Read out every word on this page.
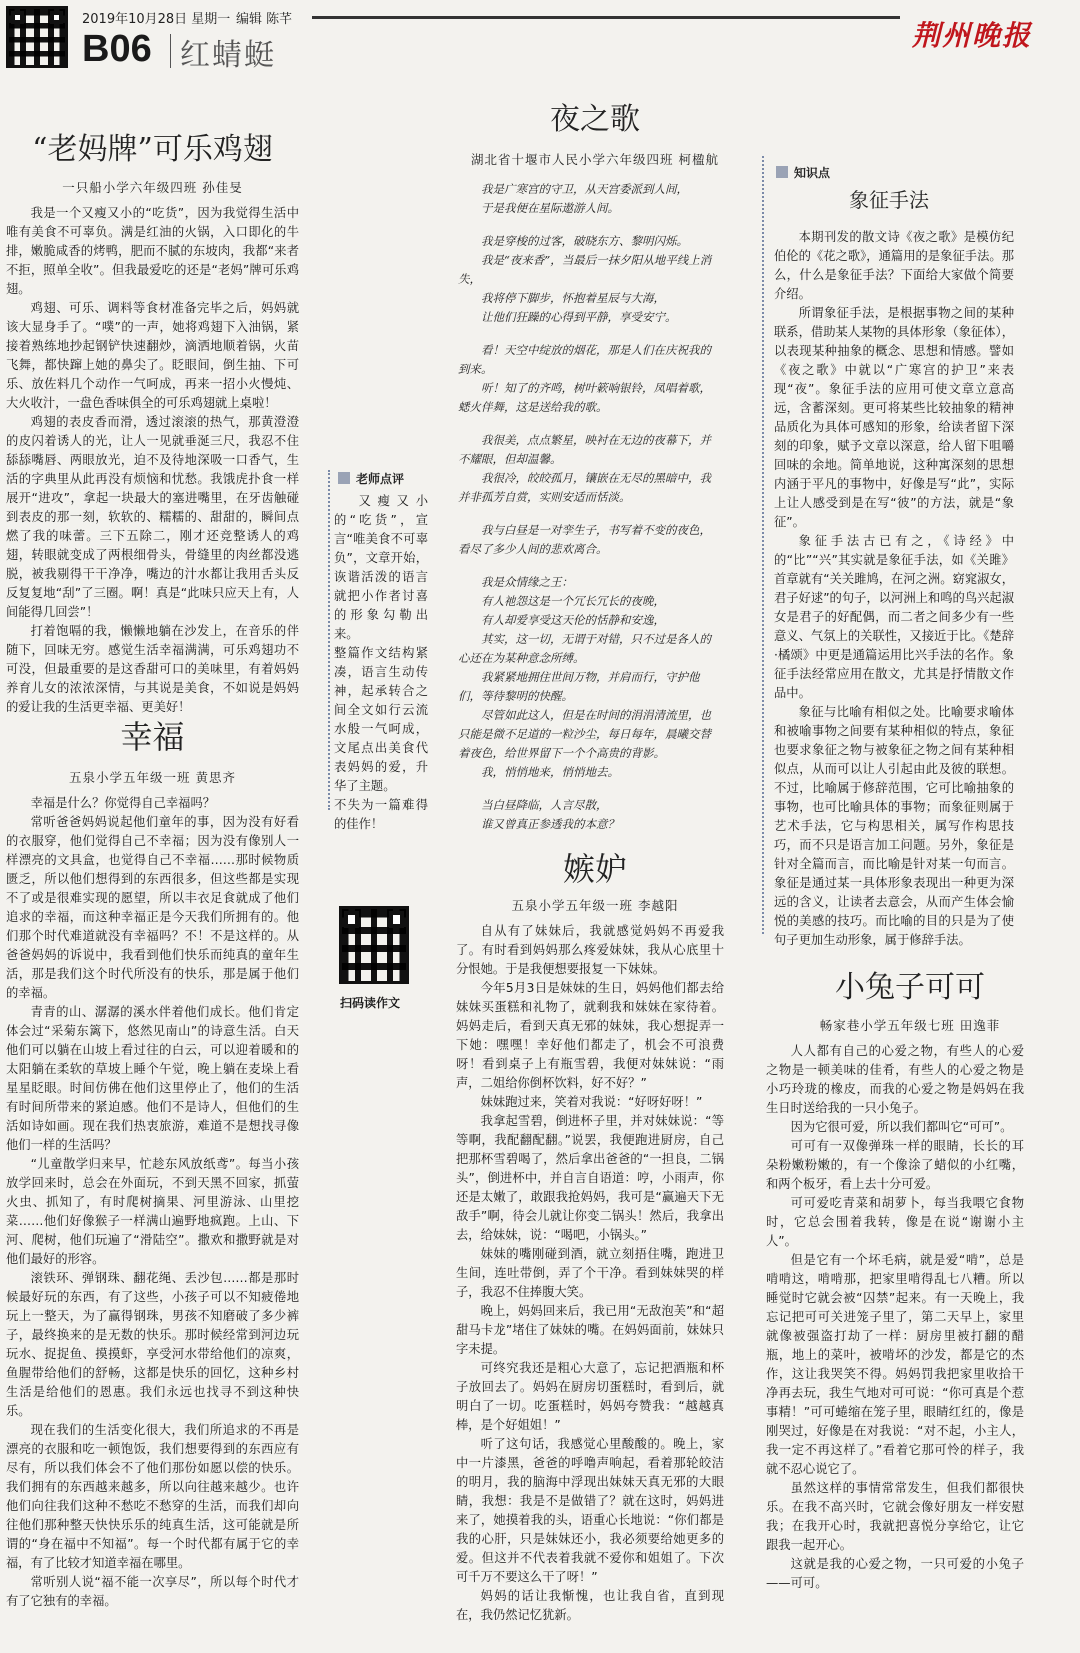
2019年10月28日 星期一 编辑 陈芊
B06 红蜻蜓
荆州晚报
“老妈牌”可乐鸡翅
一只船小学六年级四班 孙佳旻

我是一个又瘦又小的“吃货”，因为我觉得生活中唯有美食不可辜负。满是红油的火锅，入口即化的牛排，嫩脆咸香的烤鸭，肥而不腻的东坡肉，我都“来者不拒，照单全收”。但我最爱吃的还是“老妈”牌可乐鸡翅。

鸡翅、可乐、调料等食材准备完毕之后，妈妈就该大显身手了。“噗”的一声，她将鸡翅下入油锅，紧接着熟练地抄起钢铲快速翻炒，滴洒地顺着锅，火苗飞舞，都快蹿上她的鼻尖了。眨眼间，倒生抽、下可乐、放佐料几个动作一气呵成，再来一招小火慢炖、大火收汁，一盘色香味俱全的可乐鸡翅就上桌啦！

鸡翅的表皮香而滑，透过滚滚的热气，那黄澄澄的皮闪着诱人的光，让人一见就垂涎三尺，我忍不住舔舔嘴唇、两眼放光，迫不及待地深吸一口香气，生活的字典里从此再没有烦恼和忧愁。我饿虎扑食一样展开“进攻”，拿起一块最大的塞进嘴里，在牙齿触碰到表皮的那一刻，软软的、糯糯的、甜甜的，瞬间点燃了我的味蕾。三下五除二，刚才还竞整诱人的鸡翅，转眼就变成了两根细骨头，骨缝里的肉丝都没逃脱，被我剔得干干净净，嘴边的汁水都让我用舌头反反复复地“刮”了三圈。啊！真是“此味只应天上有，人间能得几回尝”！

打着饱嗝的我，懒懒地躺在沙发上，在音乐的伴随下，回味无穷。感觉生活幸福满满，可乐鸡翅功不可没，但最重要的是这香甜可口的美味里，有着妈妈养育儿女的浓浓深情，与其说是美食，不如说是妈妈的爱让我的生活更幸福、更美好！

幸福
五泉小学五年级一班 黄思齐

幸福是什么？你觉得自己幸福吗？

常听爸爸妈妈说起他们童年的事，因为没有好看的衣服穿，他们觉得自己不幸福；因为没有像别人一样漂亮的文具盒，也觉得自己不幸福……那时候物质匮乏，所以他们想得到的东西很多，但这些都是实现不了或是很难实现的愿望，所以丰衣足食就成了他们追求的幸福，而这种幸福正是今天我们所拥有的。他们那个时代难道就没有幸福吗？不！不是这样的。从爸爸妈妈的诉说中，我看到他们快乐而纯真的童年生活，那是我们这个时代所没有的快乐，那是属于他们的幸福。

青青的山、潺潺的溪水伴着他们成长。他们肯定体会过“采菊东篱下，悠然见南山”的诗意生活。白天他们可以躺在山坡上看过往的白云，可以迎着暖和的太阳躺在柔软的草坡上睡个午觉，晚上躺在麦垛上看星星眨眼。时间仿佛在他们这里停止了，他们的生活有时间所带来的紧迫感。他们不是诗人，但他们的生活如诗如画。现在我们热衷旅游，难道不是想找寻像他们一样的生活吗？

“儿童散学归来早，忙趁东风放纸鸢”。每当小孩放学回来时，总会在外面玩，不到天黑不回家，抓萤火虫、抓知了，有时爬树摘果、河里游泳、山里挖菜……他们好像猴子一样满山遍野地疯跑。上山、下河、爬树，他们玩遍了“滑陆空”。撒欢和撒野就是对他们最好的形容。

滚铁环、弹钢珠、翻花绳、丢沙包……都是那时候最好玩的东西，有了这些，小孩子可以不知疲倦地玩上一整天，为了赢得钢珠，男孩不知磨破了多少裤子，最终换来的是无数的快乐。那时候经常到河边玩玩水、捉捉鱼、摸摸虾，享受河水带给他们的凉爽，鱼腥带给他们的舒畅，这都是快乐的回忆，这种乡村生活是给他们的恩惠。我们永远也找寻不到这种快乐。

现在我们的生活变化很大，我们所追求的不再是漂亮的衣服和吃一顿饱饭，我们想要得到的东西应有尽有，所以我们体会不了他们那份如愿以偿的快乐。我们拥有的东西越来越多，所以向往越来越少。也许他们向往我们这种不愁吃不愁穿的生活，而我们却向往他们那种整天快快乐乐的纯真生活，这可能就是所谓的“身在福中不知福”。每一个时代都有属于它的幸福，有了比较才知道幸福在哪里。

常听别人说“福不能一次享尽”，所以每个时代才有了它独有的幸福。

老师点评

又瘦又小的“吃货”，宣言“唯美食不可辜负”，文章开始，诙谐活泼的语言就把小作者讨喜的形象勾勒出来。
整篇作文结构紧凑，语言生动传神，起承转合之间全文如行云流水般一气呵成，文尾点出美食代表妈妈的爱，升华了主题。
不失为一篇难得的佳作！

扫码读作文
夜之歌
湖北省十堰市人民小学六年级四班 柯楹航

我是广寒宫的守卫，从天宫委派到人间，

于是我便在星际遨游人间。

我是穿梭的过客，破晓东方、黎明闪烁。

我是“夜来香”，当最后一抹夕阳从地平线上消失，

我将停下脚步，怀抱着星辰与大海，

让他们狂躁的心得到平静，享受安宁。

看！天空中绽放的烟花，那是人们在庆祝我的到来。

听！知了的齐鸣，树叶簌响银铃，凤唱着歌，蟋火伴舞，这是送给我的歌。

我很美，点点繁星，映衬在无边的夜幕下，并不耀眼，但却温馨。

我很冷，皎皎孤月，镶嵌在无尽的黑暗中，我并非孤芳自赏，实则安适而恬淡。

我与白昼是一对孪生子，书写着不变的夜色，看尽了多少人间的悲欢离合。

我是众情缘之王：

有人祂怨这是一个冗长冗长的夜晚，

有人却爱享受这天伦的恬静和安逸，

其实，这一切，无谓于对错，只不过是各人的心还在为某种意念所缚。

我紧紧地拥住世间万物，并肩而行，守护他们，等待黎明的快醒。

尽管如此这人，但是在时间的涓涓清流里，也只能是微不足道的一粒沙尘，每日每年，晨曦交替着夜色，给世界留下一个个高贵的背影。

我，悄悄地来，悄悄地去。

当白昼降临，人言尽散，

谁又曾真正参透我的本意？

嫉妒
五泉小学五年级一班 李越阳

自从有了妹妹后，我就感觉妈妈不再爱我了。有时看到妈妈那么疼爱妹妹，我从心底里十分恨她。于是我便想要报复一下妹妹。

今年5月3日是妹妹的生日，妈妈他们都去给妹妹买蛋糕和礼物了，就剩我和妹妹在家待着。妈妈走后，看到天真无邪的妹妹，我心想捉弄一下她：嘿嘿！幸好他们都走了，机会不可浪费呀！看到桌子上有瓶雪碧，我便对妹妹说：“雨声，二姐给你倒杯饮料，好不好？”

妹妹跑过来，笑着对我说：“好呀好呀！”

我拿起雪碧，倒进杯子里，并对妹妹说：“等等啊，我配翻配翻。”说罢，我便跑进厨房，自己把那杯雪碧喝了，然后拿出爸爸的“一担良，二锅头”，倒进杯中，并自言自语道：哼，小雨声，你还是太嫩了，敢跟我抢妈妈，我可是“赢遍天下无敌手”啊，待会儿就让你变二锅头！然后，我拿出去，给妹妹，说：“喝吧，小锅头。”

妹妹的嘴刚碰到酒，就立刻捂住嘴，跑进卫生间，连吐带倒，弄了个干净。看到妹妹哭的样子，我忍不住捧腹大笑。

晚上，妈妈回来后，我已用“无敌泡芙”和“超甜马卡龙”堵住了妹妹的嘴。在妈妈面前，妹妹只字未提。

可终究我还是粗心大意了，忘记把酒瓶和杯子放回去了。妈妈在厨房切蛋糕时，看到后，就明白了一切。吃蛋糕时，妈妈夸赞我：“越越真棒，是个好姐姐！”

听了这句话，我感觉心里酸酸的。晚上，家中一片漆黑，爸爸的呼噜声响起，看着那轮皎洁的明月，我的脑海中浮现出妹妹天真无邪的大眼睛，我想：我是不是做错了？就在这时，妈妈进来了，她摸着我的头，语重心长地说：“你们都是我的心肝，只是妹妹还小，我必须要给她更多的爱。但这并不代表着我就不爱你和姐姐了。下次可千万不要这么干了呀！”

妈妈的话让我惭愧，也让我自省，直到现在，我仍然记忆犹新。

知识点
象征手法

本期刊发的散文诗《夜之歌》是模仿纪伯伦的《花之歌》，通篇用的是象征手法。那么，什么是象征手法？下面给大家做个简要介绍。

所谓象征手法，是根据事物之间的某种联系，借助某人某物的具体形象（象征体），以表现某种抽象的概念、思想和情感。譬如《夜之歌》中就以“广寒宫的护卫”来表现“夜”。象征手法的应用可使文章立意高远，含蓄深刻。更可将某些比较抽象的精神品质化为具体可感知的形象，给读者留下深刻的印象，赋予文章以深意，给人留下咀嚼回味的余地。简单地说，这种寓深刻的思想内涵于平凡的事物中，好像是写“此”，实际上让人感受到是在写“彼”的方法，就是“象征”。

象征手法古已有之，《诗经》中的“比”“兴”其实就是象征手法，如《关雎》首章就有“关关雎鸠，在河之洲。窈窕淑女，君子好逑”的句子，以河洲上和鸣的鸟兴起淑女是君子的好配偶，而二者之间多少有一些意义、气氛上的关联性，又接近于比。《楚辞·橘颂》中更是通篇运用比兴手法的名作。象征手法经常应用在散文，尤其是抒情散文作品中。

象征与比喻有相似之处。比喻要求喻体和被喻事物之间要有某种相似的特点，象征也要求象征之物与被象征之物之间有某种相似点，从而可以让人引起由此及彼的联想。不过，比喻属于修辞范围，它可比喻抽象的事物，也可比喻具体的事物；而象征则属于艺术手法，它与构思相关，属写作构思技巧，而不只是语言加工问题。另外，象征是针对全篇而言，而比喻是针对某一句而言。象征是通过某一具体形象表现出一种更为深远的含义，让读者去意会，从而产生体会愉悦的美感的技巧。而比喻的目的只是为了使句子更加生动形象，属于修辞手法。

小兔子可可
畅家巷小学五年级七班 田逸菲

人人都有自己的心爱之物，有些人的心爱之物是一顿美味的佳肴，有些人的心爱之物是小巧玲珑的橡皮，而我的心爱之物是妈妈在我生日时送给我的一只小兔子。

因为它很可爱，所以我们都叫它“可可”。

可可有一双像弹珠一样的眼睛，长长的耳朵粉嫩粉嫩的，有一个像涂了蜡似的小红嘴，和两个板牙，看上去十分可爱。

可可爱吃青菜和胡萝卜，每当我喂它食物时，它总会围着我转，像是在说“谢谢小主人”。

但是它有一个坏毛病，就是爱“啃”，总是啃啃这，啃啃那，把家里啃得乱七八糟。所以睡觉时它就会被“囚禁”起来。有一天晚上，我忘记把可可关进笼子里了，第二天早上，家里就像被强盗打劫了一样：厨房里被打翻的醋瓶，地上的菜叶，被啃坏的沙发，都是它的杰作，这让我哭笑不得。妈妈罚我把家里收拾干净再去玩，我生气地对可可说：“你可真是个惹事精！”可可蜷缩在笼子里，眼睛红红的，像是刚哭过，好像是在对我说：“对不起，小主人，我一定不再这样了。”看着它那可怜的样子，我就不忍心说它了。

虽然这样的事情常常发生，但我们都很快乐。在我不高兴时，它就会像好朋友一样安慰我；在我开心时，我就把喜悦分享给它，让它跟我一起开心。

这就是我的心爱之物，一只可爱的小兔子——可可。
